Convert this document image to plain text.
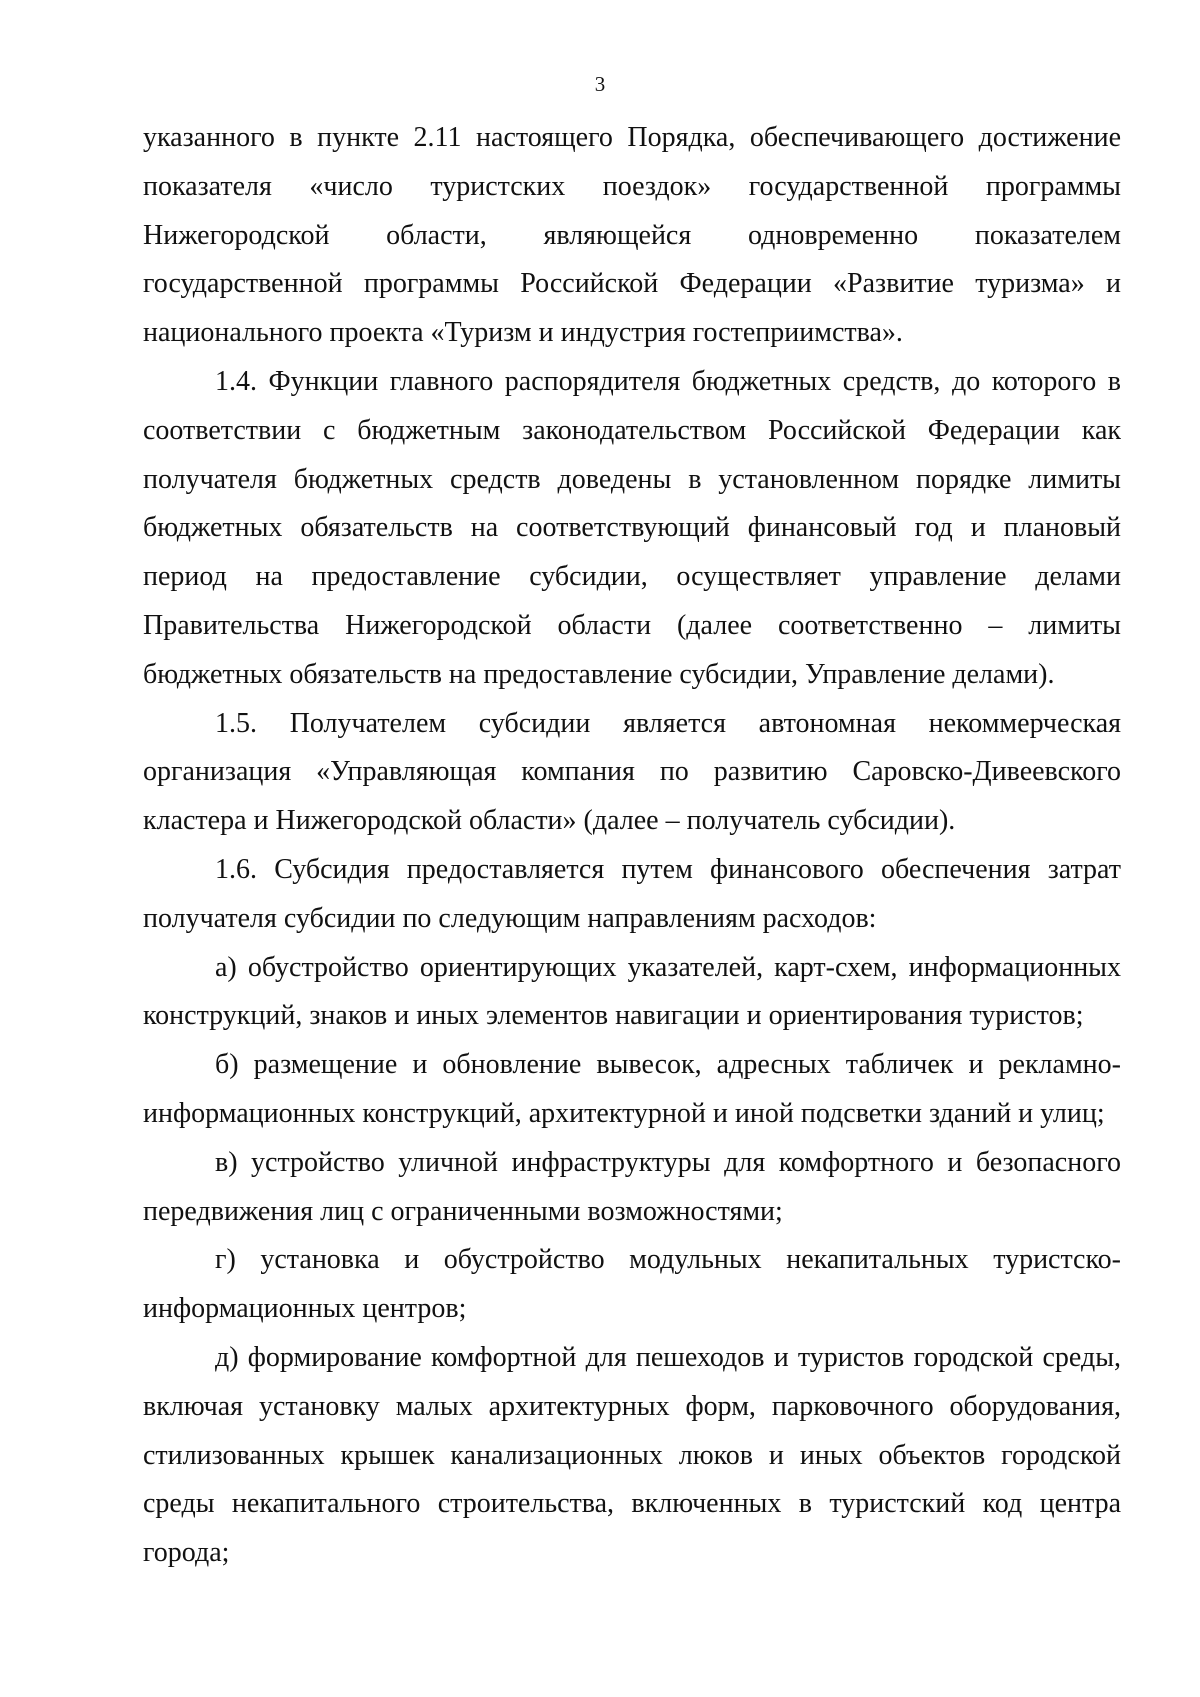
3

указанного в пункте 2.11 настоящего Порядка, обеспечивающего достижение показателя «число туристских поездок» государственной программы Нижегородской области, являющейся одновременно показателем государственной программы Российской Федерации «Развитие туризма» и национального проекта «Туризм и индустрия гостеприимства».

1.4. Функции главного распорядителя бюджетных средств, до которого в соответствии с бюджетным законодательством Российской Федерации как получателя бюджетных средств доведены в установленном порядке лимиты бюджетных обязательств на соответствующий финансовый год и плановый период на предоставление субсидии, осуществляет управление делами Правительства Нижегородской области (далее соответственно – лимиты бюджетных обязательств на предоставление субсидии, Управление делами).

1.5. Получателем субсидии является автономная некоммерческая организация «Управляющая компания по развитию Саровско-Дивеевского кластера и Нижегородской области» (далее – получатель субсидии).

1.6. Субсидия предоставляется путем финансового обеспечения затрат получателя субсидии по следующим направлениям расходов:

а) обустройство ориентирующих указателей, карт-схем, информационных конструкций, знаков и иных элементов навигации и ориентирования туристов;

б) размещение и обновление вывесок, адресных табличек и рекламно-информационных конструкций, архитектурной и иной подсветки зданий и улиц;

в) устройство уличной инфраструктуры для комфортного и безопасного передвижения лиц с ограниченными возможностями;

г) установка и обустройство модульных некапитальных туристско-информационных центров;

д) формирование комфортной для пешеходов и туристов городской среды, включая установку малых архитектурных форм, парковочного оборудования, стилизованных крышек канализационных люков и иных объектов городской среды некапитального строительства, включенных в туристский код центра города;
